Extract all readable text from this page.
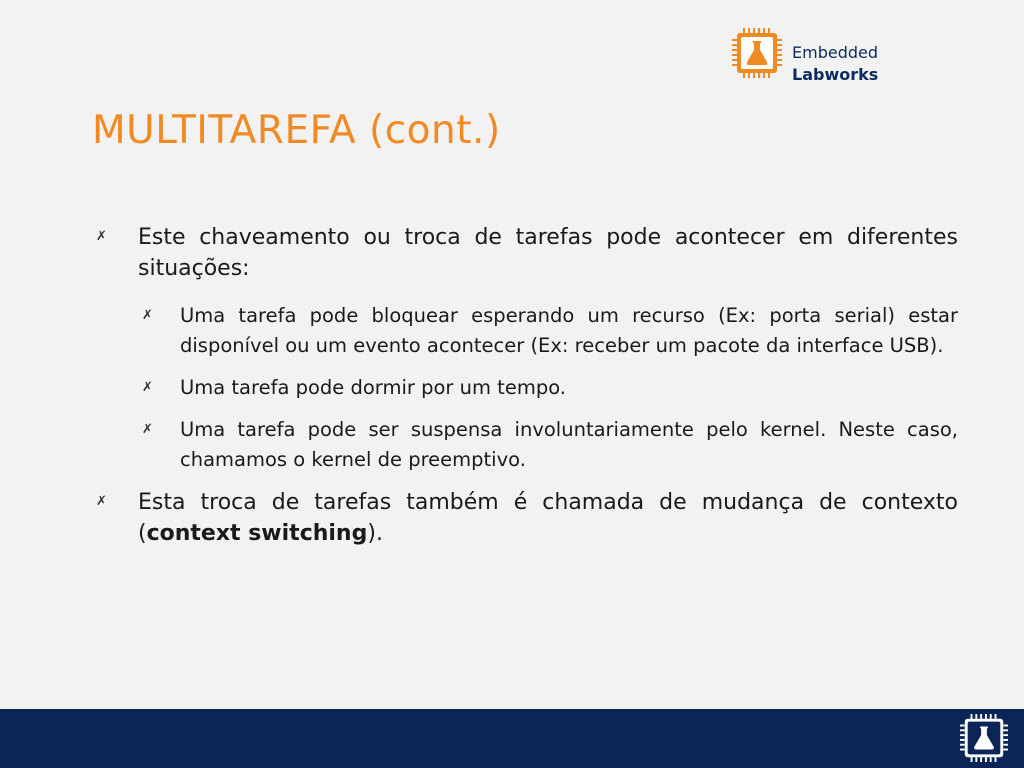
Embedded
Labworks
MULTITAREFA (cont.)
✗ Este chaveamento ou troca de tarefas pode acontecer em diferentes situações:
✗ Uma tarefa pode bloquear esperando um recurso (Ex: porta serial) estar disponível ou um evento acontecer (Ex: receber um pacote da interface USB).
✗ Uma tarefa pode dormir por um tempo.
✗ Uma tarefa pode ser suspensa involuntariamente pelo kernel. Neste caso, chamamos o kernel de preemptivo.
✗ Esta troca de tarefas também é chamada de mudança de contexto (context switching).
